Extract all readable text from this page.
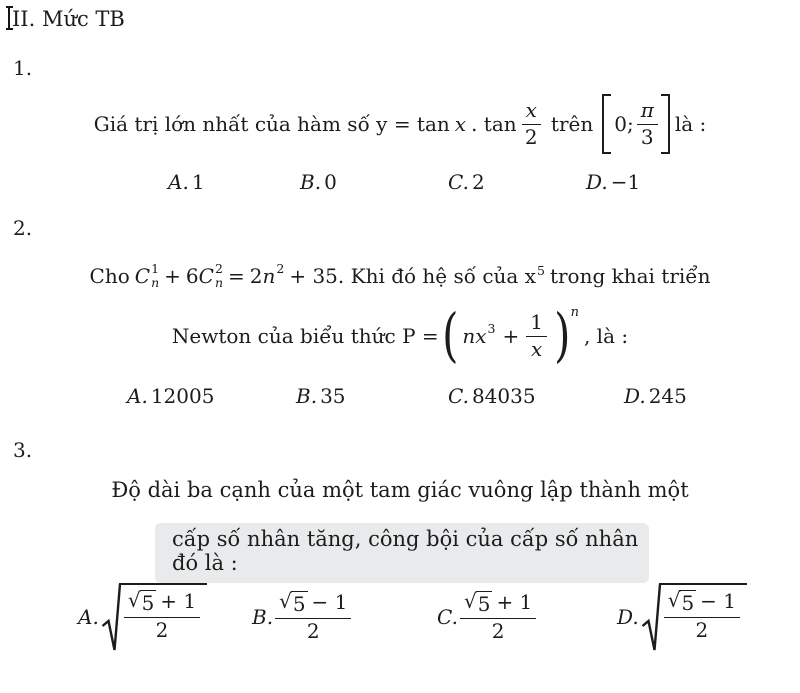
II. Mức TB
1.
Giá trị lớn nhất của hàm số y = tan x . $\tan \frac{x}{2}$ trên 0; $\frac{\pi}{3}$ là :
A. 1	B. 0	C. 2	D. −1
2.
Cho C 1
n + 6 C 2
n = 2 n 2 + 35. Khi đó hệ số của $x^5$ trong khai triển
Newton của biểu thức P = ( nx $3 + \frac{1}{x}$ ) n
, là :
A. 12005	B. 35	C. 84035	D. 245
3.
Độ dài ba cạnh của một tam giác vuông lập thành một
cấp số nhân tăng, công bội của cấp số nhân đó là :
A. $\frac{√ 5 + 1}{2}$	B. $\frac{√ 5 - 1}{2}$	C. $\frac{√ 5 + 1}{2}$	D. $\frac{√ 5 - 1}{2}$
